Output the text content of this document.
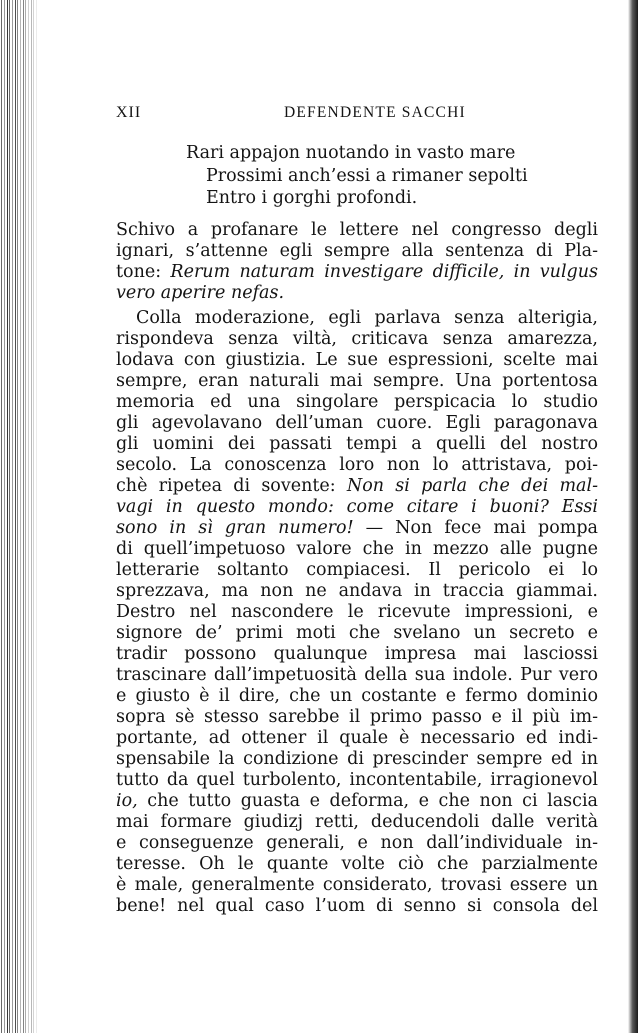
XII	DEFENDENTE SACCHI
Rari appajon nuotando in vasto mare
Prossimi anch’essi a rimaner sepolti
Entro i gorghi profondi.
Schivo a profanare le lettere nel congresso degli
ignari, s’attenne egli sempre alla sentenza di Pla-
tone: Rerum naturam investigare difficile, in vulgus
vero aperire nefas.
Colla moderazione, egli parlava senza alterigia,
rispondeva senza viltà, criticava senza amarezza,
lodava con giustizia. Le sue espressioni, scelte mai
sempre, eran naturali mai sempre. Una portentosa
memoria ed una singolare perspicacia lo studio
gli agevolavano dell’uman cuore. Egli paragonava
gli uomini dei passati tempi a quelli del nostro
secolo. La conoscenza loro non lo attristava, poi-
chè ripetea di sovente: Non si parla che dei mal-
vagi in questo mondo: come citare i buoni? Essi
sono in sì gran numero! — Non fece mai pompa
di quell’impetuoso valore che in mezzo alle pugne
letterarie soltanto compiacesi. Il pericolo ei lo
sprezzava, ma non ne andava in traccia giammai.
Destro nel nascondere le ricevute impressioni, e
signore de’ primi moti che svelano un secreto e
tradir possono qualunque impresa mai lasciossi
trascinare dall’impetuosità della sua indole. Pur vero
e giusto è il dire, che un costante e fermo dominio
sopra sè stesso sarebbe il primo passo e il più im-
portante, ad ottener il quale è necessario ed indi-
spensabile la condizione di prescinder sempre ed in
tutto da quel turbolento, incontentabile, irragionevol
io, che tutto guasta e deforma, e che non ci lascia
mai formare giudizj retti, deducendoli dalle verità
e conseguenze generali, e non dall’individuale in-
teresse. Oh le quante volte ciò che parzialmente
è male, generalmente considerato, trovasi essere un
bene! nel qual caso l’uom di senno si consola del
